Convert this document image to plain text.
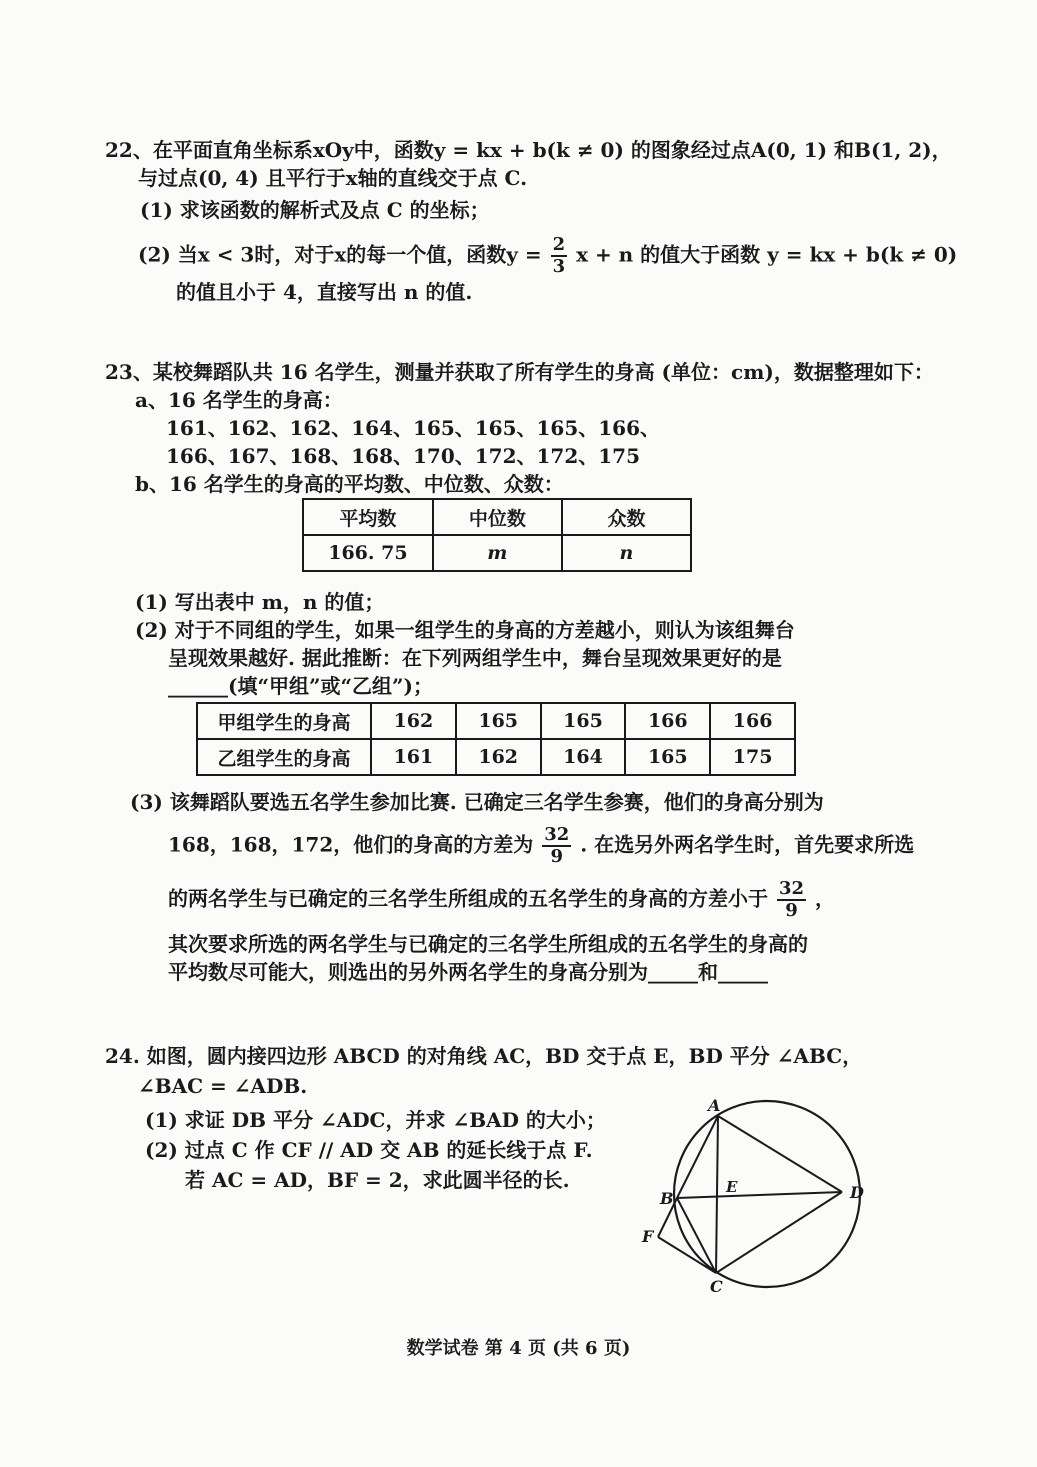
22、在平面直角坐标系xOy中，函数y = kx + b(k ≠ 0) 的图象经过点A(0, 1) 和B(1, 2)，
与过点(0, 4) 且平行于x轴的直线交于点 C.
(1) 求该函数的解析式及点 C 的坐标；
(2) 当x < 3时，对于x的每一个值，函数$y = \frac{2}{3}$ x + n 的值大于函数 y = kx + b(k ≠ 0)
的值且小于 4，直接写出 n 的值.
23、某校舞蹈队共 16 名学生，测量并获取了所有学生的身高 (单位：cm)，数据整理如下：
a、16 名学生的身高：
161、162、162、164、165、165、165、166、
166、167、168、168、170、172、172、175
b、16 名学生的身高的平均数、中位数、众数：
平均数	中位数	众数
166. 75	m	n
(1) 写出表中 m，n 的值；
(2) 对于不同组的学生，如果一组学生的身高的方差越小，则认为该组舞台
呈现效果越好. 据此推断：在下列两组学生中，舞台呈现效果更好的是
______(填“甲组”或“乙组”)；
甲组学生的身高	162	165	165	166	166
乙组学生的身高	161	162	164	165	175
(3) 该舞蹈队要选五名学生参加比赛. 已确定三名学生参赛，他们的身高分别为
168，168，172，他们的身高的方差为 $\frac{32}{9}$ . 在选另外两名学生时，首先要求所选
的两名学生与已确定的三名学生所组成的五名学生的身高的方差小于 $\frac{32}{9}$ ，
其次要求所选的两名学生与已确定的三名学生所组成的五名学生的身高的
平均数尽可能大，则选出的另外两名学生的身高分别为_____和_____
24. 如图，圆内接四边形 ABCD 的对角线 AC，BD 交于点 E，BD 平分 ∠ABC，
∠BAC = ∠ADB.
(1) 求证 DB 平分 ∠ADC，并求 ∠BAD 的大小；
(2) 过点 C 作 CF // AD 交 AB 的延长线于点 F.
若 AC = AD，BF = 2，求此圆半径的长.
A
B
C
D
E
F
数学试卷 第 4 页 (共 6 页)
